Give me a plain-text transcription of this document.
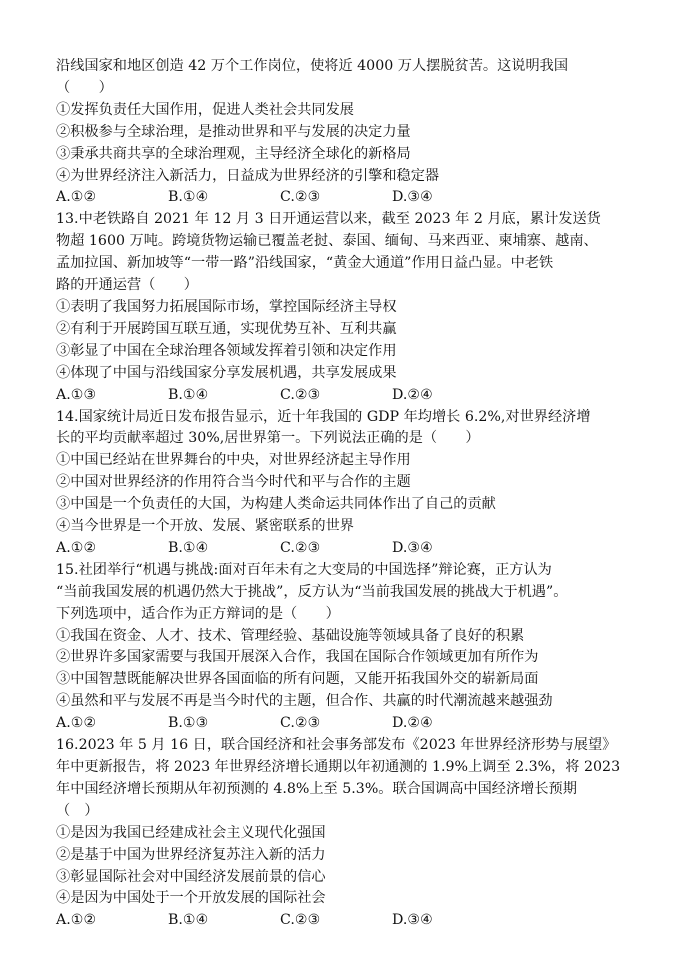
沿线国家和地区创造 42 万个工作岗位，使将近 4000 万人摆脱贫苦。这说明我国
（　　）
①发挥负责任大国作用，促进人类社会共同发展
②积极参与全球治理，是推动世界和平与发展的决定力量
③秉承共商共享的全球治理观，主导经济全球化的新格局
④为世界经济注入新活力，日益成为世界经济的引擎和稳定器
A.①②	B.①④	C.②③	D.③④
13.中老铁路自 2021 年 12 月 3 日开通运营以来，截至 2023 年 2 月底，累计发送货
物超 1600 万吨。跨境货物运输已覆盖老挝、泰国、缅甸、马来西亚、柬埔寨、越南、
孟加拉国、新加坡等“一带一路”沿线国家，“黄金大通道”作用日益凸显。中老铁
路的开通运营（　　）
①表明了我国努力拓展国际市场，掌控国际经济主导权
②有利于开展跨国互联互通，实现优势互补、互利共赢
③彰显了中国在全球治理各领域发挥着引领和决定作用
④体现了中国与沿线国家分享发展机遇，共享发展成果
A.①③	B.①④	C.②③	D.②④
14.国家统计局近日发布报告显示，近十年我国的 GDP 年均增长 6.2%,对世界经济增
长的平均贡献率超过 30%,居世界第一。下列说法正确的是（　　）
①中国已经站在世界舞台的中央，对世界经济起主导作用
②中国对世界经济的作用符合当今时代和平与合作的主题
③中国是一个负责任的大国，为构建人类命运共同体作出了自己的贡献
④当今世界是一个开放、发展、紧密联系的世界
A.①②	B.①④	C.②③	D.③④
15.社团举行“机遇与挑战:面对百年未有之大变局的中国选择”辩论赛，正方认为
“当前我国发展的机遇仍然大于挑战”，反方认为“当前我国发展的挑战大于机遇”。
下列选项中，适合作为正方辩词的是（　　）
①我国在资金、人才、技术、管理经验、基础设施等领域具备了良好的积累
②世界许多国家需要与我国开展深入合作，我国在国际合作领域更加有所作为
③中国智慧既能解决世界各国面临的所有问题，又能开拓我国外交的崭新局面
④虽然和平与发展不再是当今时代的主题，但合作、共赢的时代潮流越来越强劲
A.①②	B.①③	C.②③	D.②④
16.2023 年 5 月 16 日，联合国经济和社会事务部发布《2023 年世界经济形势与展望》
年中更新报告，将 2023 年世界经济增长通期以年初通测的 1.9%上调至 2.3%，将 2023
年中国经济增长预期从年初预测的 4.8%上至 5.3%。联合国调高中国经济增长预期
（　）
①是因为我国已经建成社会主义现代化强国
②是基于中国为世界经济复苏注入新的活力
③彰显国际社会对中国经济发展前景的信心
④是因为中国处于一个开放发展的国际社会
A.①②	B.①④	C.②③	D.③④
